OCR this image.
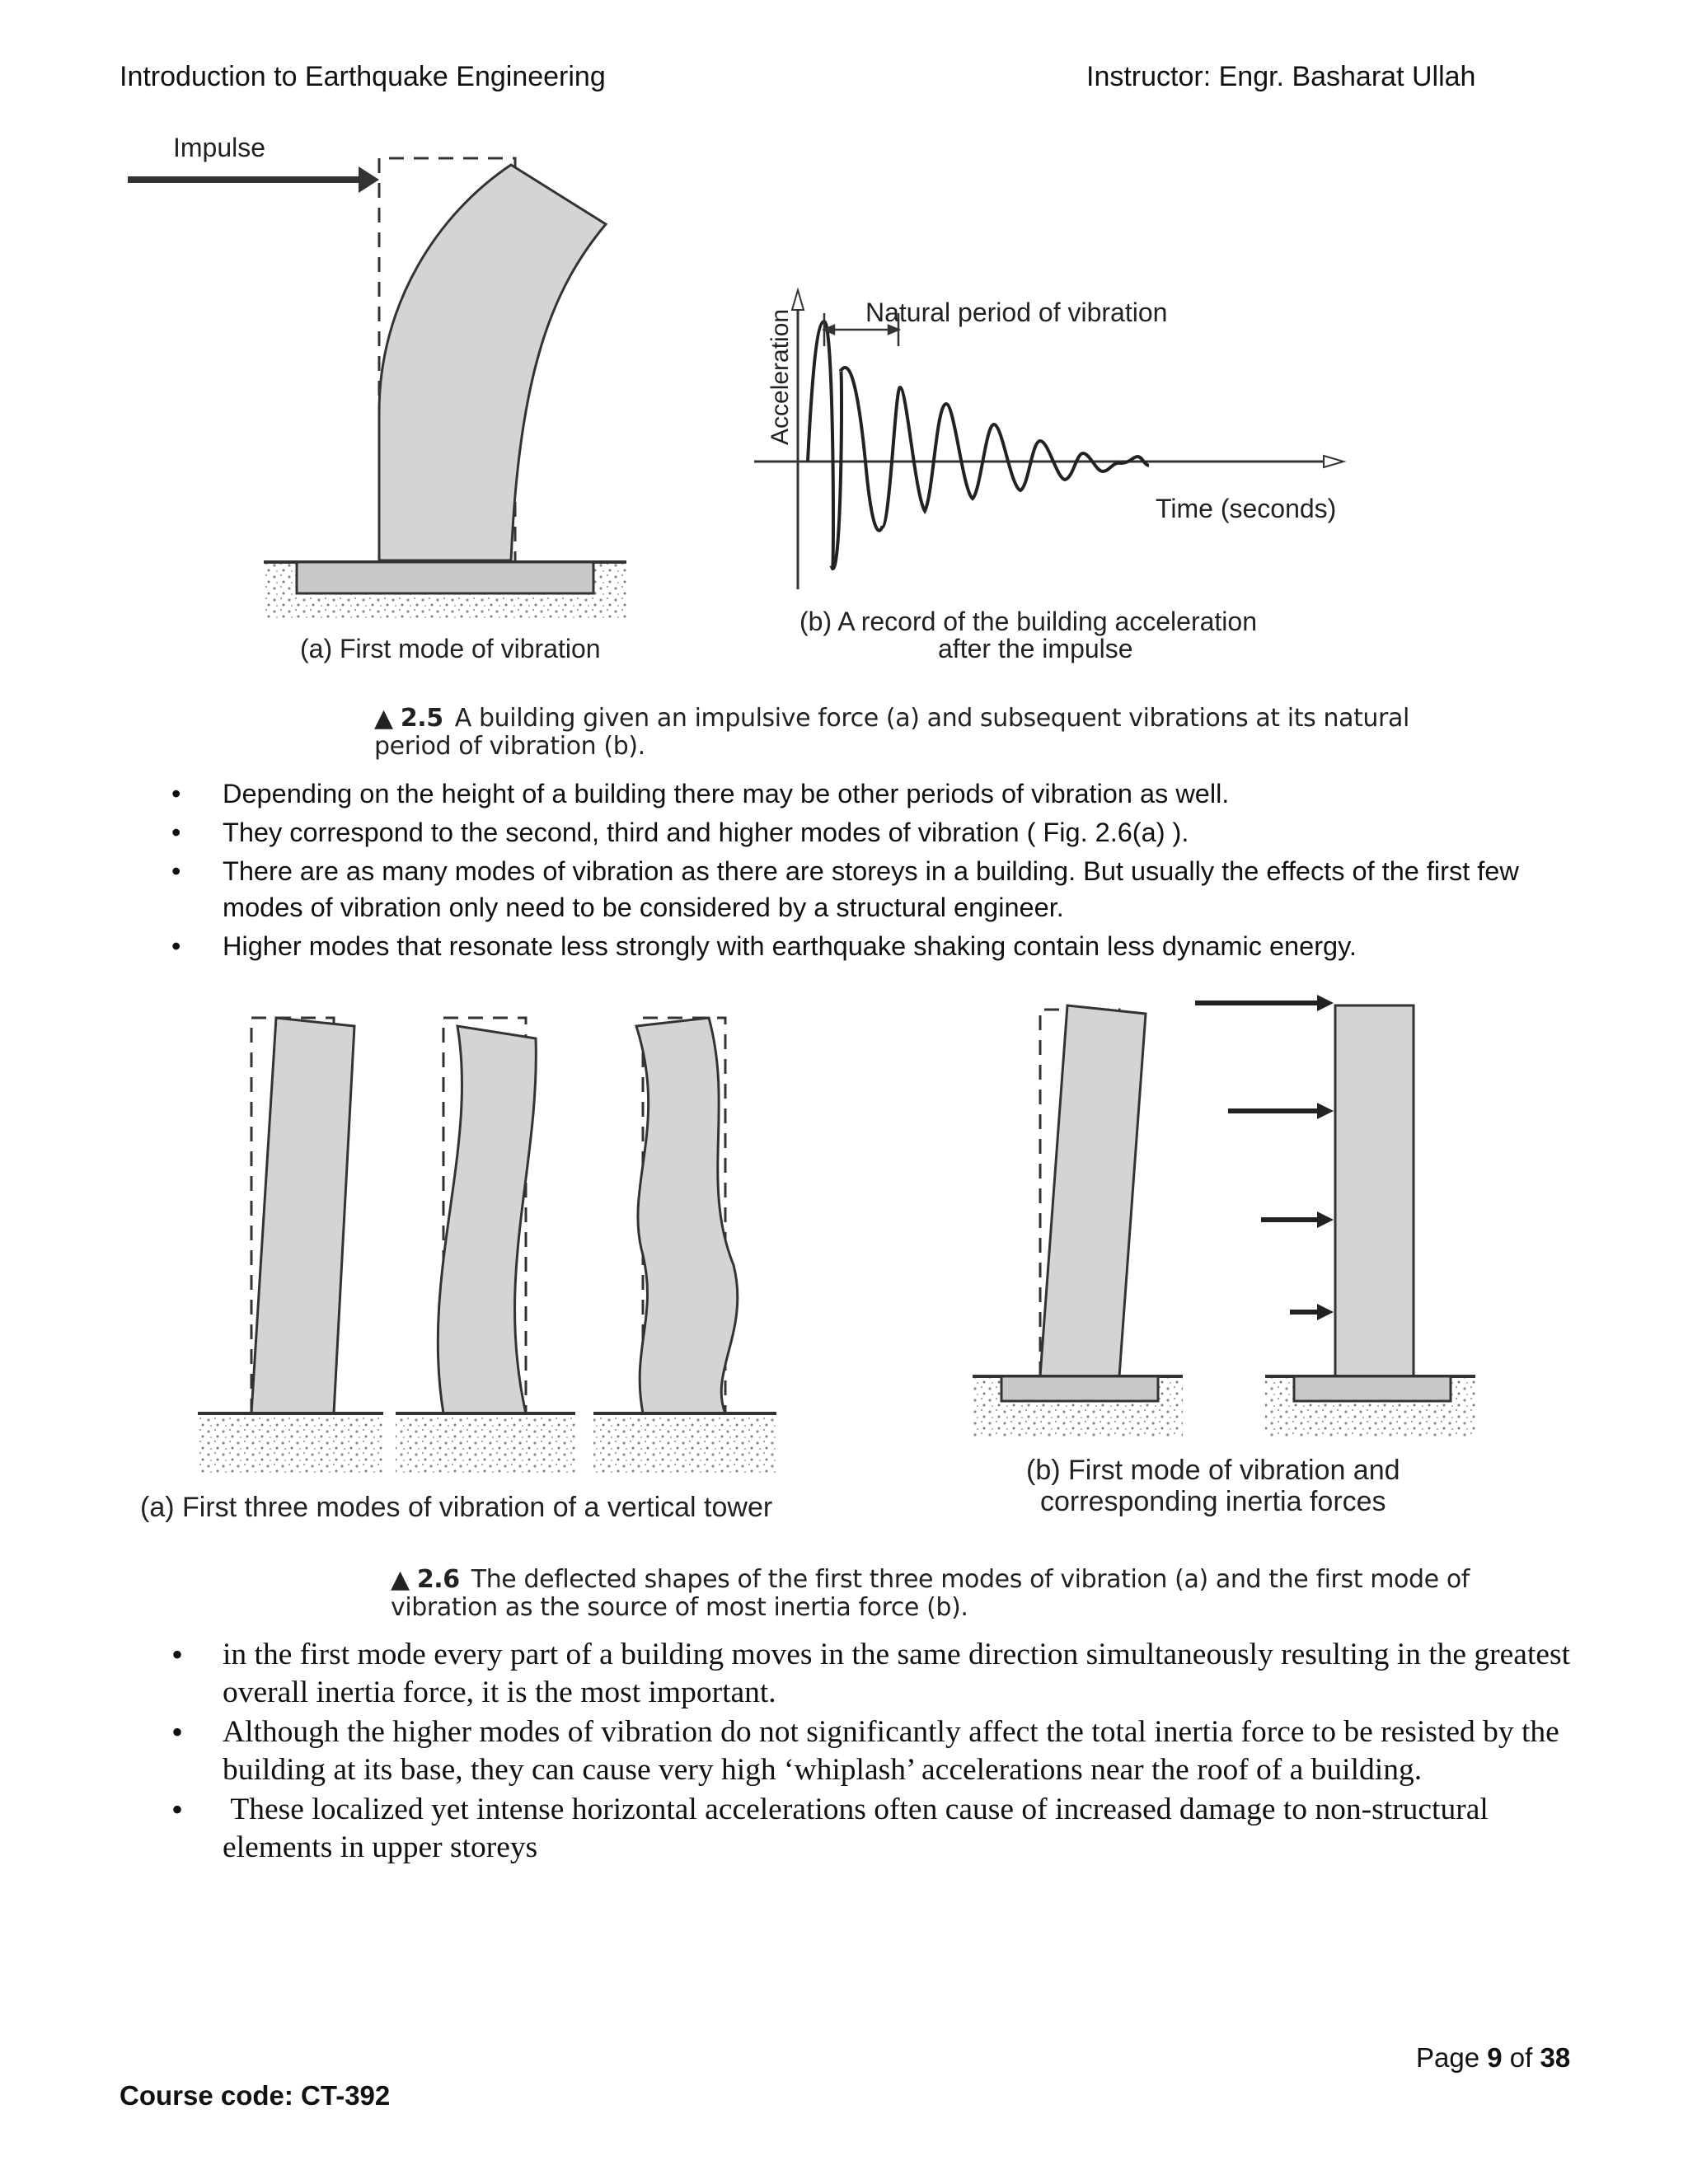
Introduction to Earthquake Engineering	Instructor: Engr. Basharat Ullah
Impulse
(a) First mode of vibration
Acceleration	Natural period of vibration
Time (seconds)
(b) A record of the building acceleration
after the impulse
▲ 2.5 A building given an impulsive force (a) and subsequent vibrations at its natural
period of vibration (b).
• Depending on the height of a building there may be other periods of vibration as well.
• They correspond to the second, third and higher modes of vibration ( Fig. 2.6(a) ).
• There are as many modes of vibration as there are storeys in a building. But usually the effects of the first few modes of vibration only need to be considered by a structural engineer.
• Higher modes that resonate less strongly with earthquake shaking contain less dynamic energy.
(a) First three modes of vibration of a vertical tower
(b) First mode of vibration and
corresponding inertia forces
▲ 2.6 The deflected shapes of the first three modes of vibration (a) and the first mode of
vibration as the source of most inertia force (b).
• in the first mode every part of a building moves in the same direction simultaneously resulting in the greatest overall inertia force, it is the most important.
• Although the higher modes of vibration do not significantly affect the total inertia force to be resisted by the building at its base, they can cause very high ‘whiplash’ accelerations near the roof of a building.
•  These localized yet intense horizontal accelerations often cause of increased damage to non-structural elements in upper storeys
Page 9 of 38
Course code: CT-392
